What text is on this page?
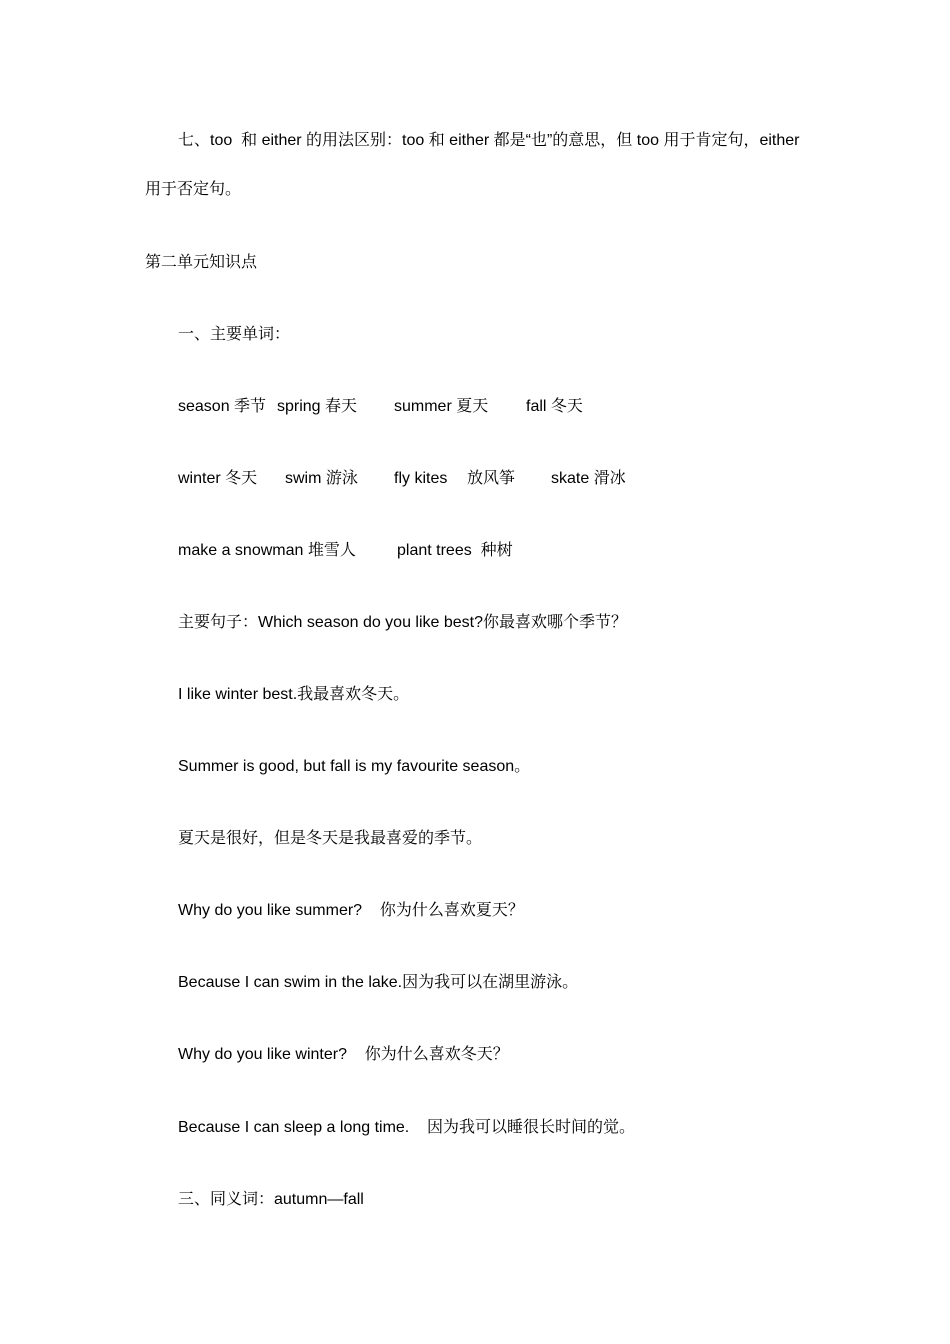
七、too  和 either 的用法区别：too 和 either 都是“也”的意思，但 too 用于肯定句，either

用于否定句。

第二单元知识点

一、主要单词：

season 季节 spring 春天 summer 夏天 fall 冬天
winter 冬天 swim 游泳 fly kites 放风筝 skate 滑冰
make a snowman 堆雪人	plant trees  种树

主要句子：Which season do you like best?你最喜欢哪个季节？

I like winter best.我最喜欢冬天。

Summer is good, but fall is my favourite season。

夏天是很好，但是冬天是我最喜爱的季节。

Why do you like summer?    你为什么喜欢夏天？

Because I can swim in the lake.因为我可以在湖里游泳。

Why do you like winter?    你为什么喜欢冬天？

Because I can sleep a long time.    因为我可以睡很长时间的觉。

三、同义词：autumn—fall
